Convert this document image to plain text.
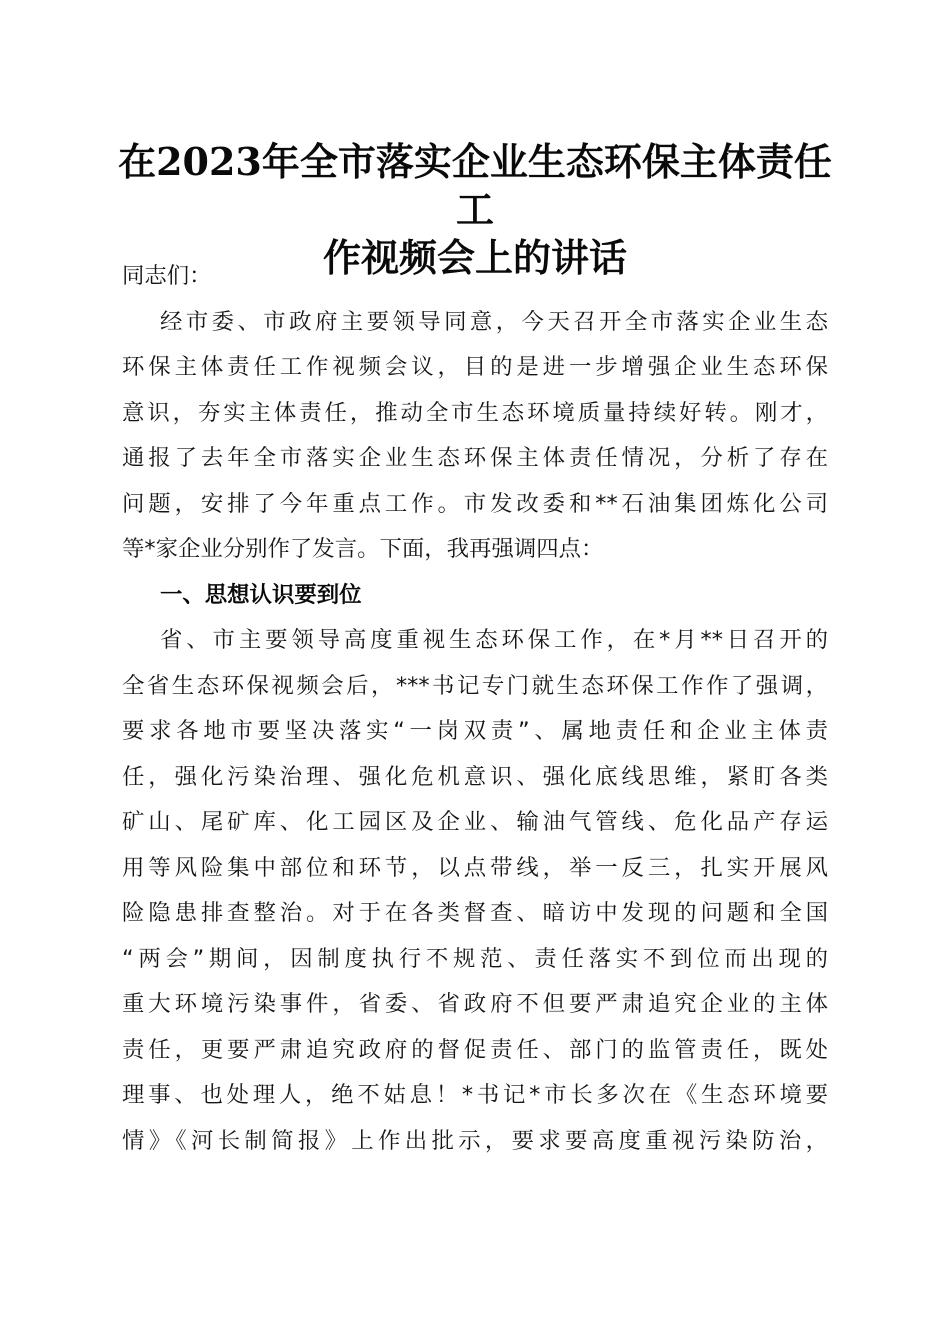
在2023年全市落实企业生态环保主体责任工
作视频会上的讲话
同志们：
经市委、市政府主要领导同意，今天召开全市落实企业生态
环保主体责任工作视频会议，目的是进一步增强企业生态环保
意识，夯实主体责任，推动全市生态环境质量持续好转。刚才，
通报了去年全市落实企业生态环保主体责任情况，分析了存在
问题，安排了今年重点工作。市发改委和**石油集团炼化公司
等*家企业分别作了发言。下面，我再强调四点：
一、思想认识要到位
省、市主要领导高度重视生态环保工作，在*月**日召开的
全省生态环保视频会后，***书记专门就生态环保工作作了强调，
要求各地市要坚决落实“一岗双责”、属地责任和企业主体责
任，强化污染治理、强化危机意识、强化底线思维，紧盯各类
矿山、尾矿库、化工园区及企业、输油气管线、危化品产存运
用等风险集中部位和环节，以点带线，举一反三，扎实开展风
险隐患排查整治。对于在各类督查、暗访中发现的问题和全国
“两会”期间，因制度执行不规范、责任落实不到位而出现的
重大环境污染事件，省委、省政府不但要严肃追究企业的主体
责任，更要严肃追究政府的督促责任、部门的监管责任，既处
理事、也处理人，绝不姑息！*书记*市长多次在《生态环境要
情》《河长制简报》上作出批示，要求要高度重视污染防治，
